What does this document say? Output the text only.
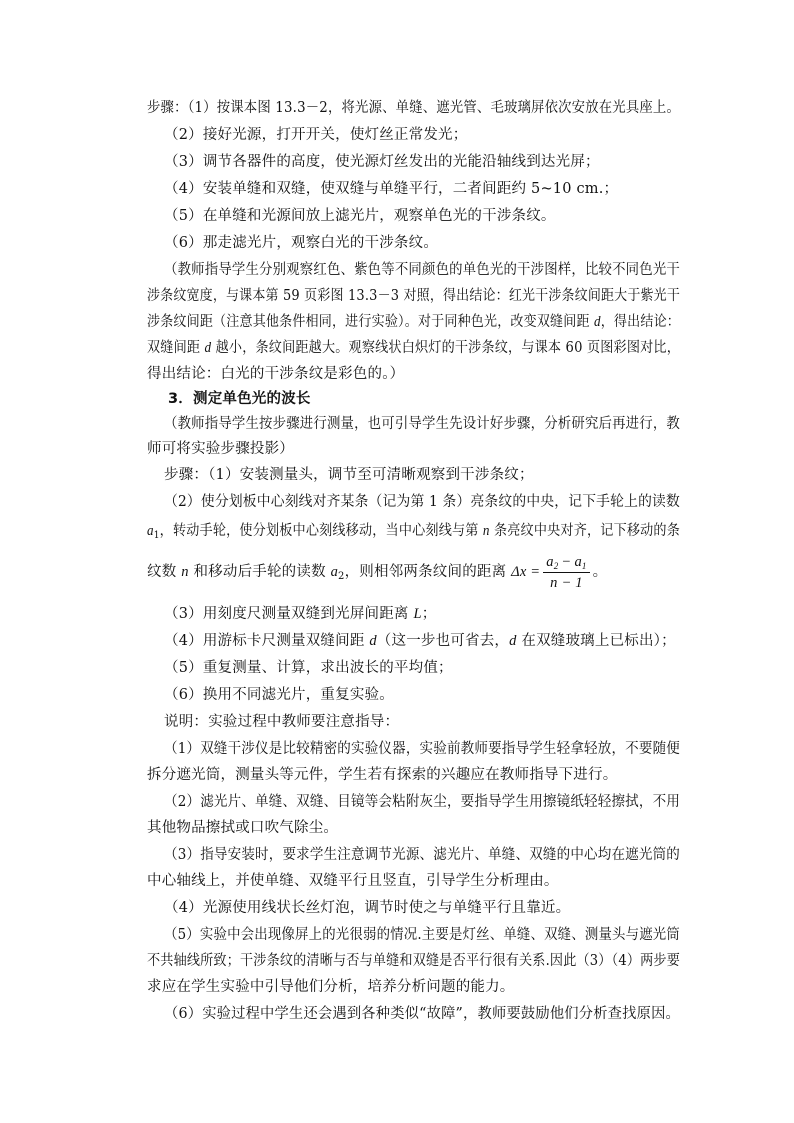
步骤：（1）按课本图 13.3－2，将光源、单缝、遮光管、毛玻璃屏依次安放在光具座上。
（2）接好光源，打开开关，使灯丝正常发光；
（3）调节各器件的高度，使光源灯丝发出的光能沿轴线到达光屏；
（4）安装单缝和双缝，使双缝与单缝平行，二者间距约 5~10 cm.；
（5）在单缝和光源间放上滤光片，观察单色光的干涉条纹。
（6）那走滤光片，观察白光的干涉条纹。
（教师指导学生分别观察红色、紫色等不同颜色的单色光的干涉图样，比较不同色光干
涉条纹宽度，与课本第 59 页彩图 13.3－3 对照，得出结论：红光干涉条纹间距大于紫光干
涉条纹间距（注意其他条件相同，进行实验）。对于同种色光，改变双缝间距 d，得出结论：
双缝间距 d 越小，条纹间距越大。观察线状白炽灯的干涉条纹，与课本 60 页图彩图对比，
得出结论：白光的干涉条纹是彩色的。）
3．测定单色光的波长
（教师指导学生按步骤进行测量，也可引导学生先设计好步骤，分析研究后再进行，教
师可将实验步骤投影）
步骤：（1）安装测量头，调节至可清晰观察到干涉条纹；
（2）使分划板中心刻线对齐某条（记为第 1 条）亮条纹的中央，记下手轮上的读数
$a_1$，转动手轮，使分划板中心刻线移动，当中心刻线与第 n 条亮纹中央对齐，记下移动的条
纹数 n 和移动后手轮的读数 $a_2$，则相邻两条纹间的距离 $\Delta x = \frac{a_2 - a_1}{n - 1}$ 。
（3）用刻度尺测量双缝到光屏间距离 L；
（4）用游标卡尺测量双缝间距 d（这一步也可省去，d 在双缝玻璃上已标出）；
（5）重复测量、计算，求出波长的平均值；
（6）换用不同滤光片，重复实验。
说明：实验过程中教师要注意指导：
（1）双缝干涉仪是比较精密的实验仪器，实验前教师要指导学生轻拿轻放，不要随便
拆分遮光筒，测量头等元件，学生若有探索的兴趣应在教师指导下进行。
（2）滤光片、单缝、双缝、目镜等会粘附灰尘，要指导学生用擦镜纸轻轻擦拭，不用
其他物品擦拭或口吹气除尘。
（3）指导安装时，要求学生注意调节光源、滤光片、单缝、双缝的中心均在遮光筒的
中心轴线上，并使单缝、双缝平行且竖直，引导学生分析理由。
（4）光源使用线状长丝灯泡，调节时使之与单缝平行且靠近。
（5）实验中会出现像屏上的光很弱的情况.主要是灯丝、单缝、双缝、测量头与遮光筒
不共轴线所致；干涉条纹的清晰与否与单缝和双缝是否平行很有关系.因此（3）（4）两步要
求应在学生实验中引导他们分析，培养分析问题的能力。
（6）实验过程中学生还会遇到各种类似“故障”，教师要鼓励他们分析查找原因。
